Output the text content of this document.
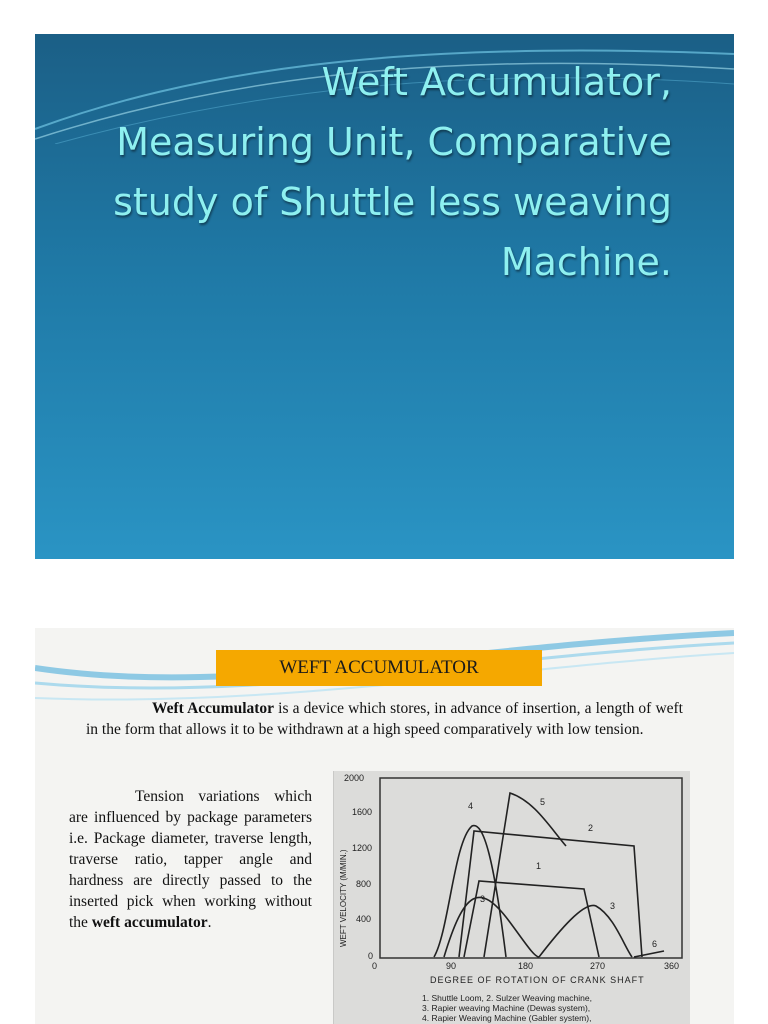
Weft Accumulator,
Measuring Unit, Comparative
study of Shuttle less weaving
Machine.
WEFT ACCUMULATOR

Weft Accumulator is a device which stores, in advance of insertion, a length of weft in the form that allows it to be withdrawn at a high speed comparatively with low tension.

Tension variations which are influenced by package parameters i.e. Package diameter, traverse length, traverse ratio, tapper angle and hardness are directly passed to the inserted pick when working without the weft accumulator.

2000
1600
1200
800
400
0
WEFT VELOCITY (M/MIN.)
0	90	180	270	360
DEGREE OF ROTATION OF CRANK SHAFT
1
2
3
3
4	5
6
1. Shuttle Loom, 2. Sulzer Weaving machine,
3. Rapier weaving Machine (Dewas system),
4. Rapier Weaving Machine (Gabler system),
